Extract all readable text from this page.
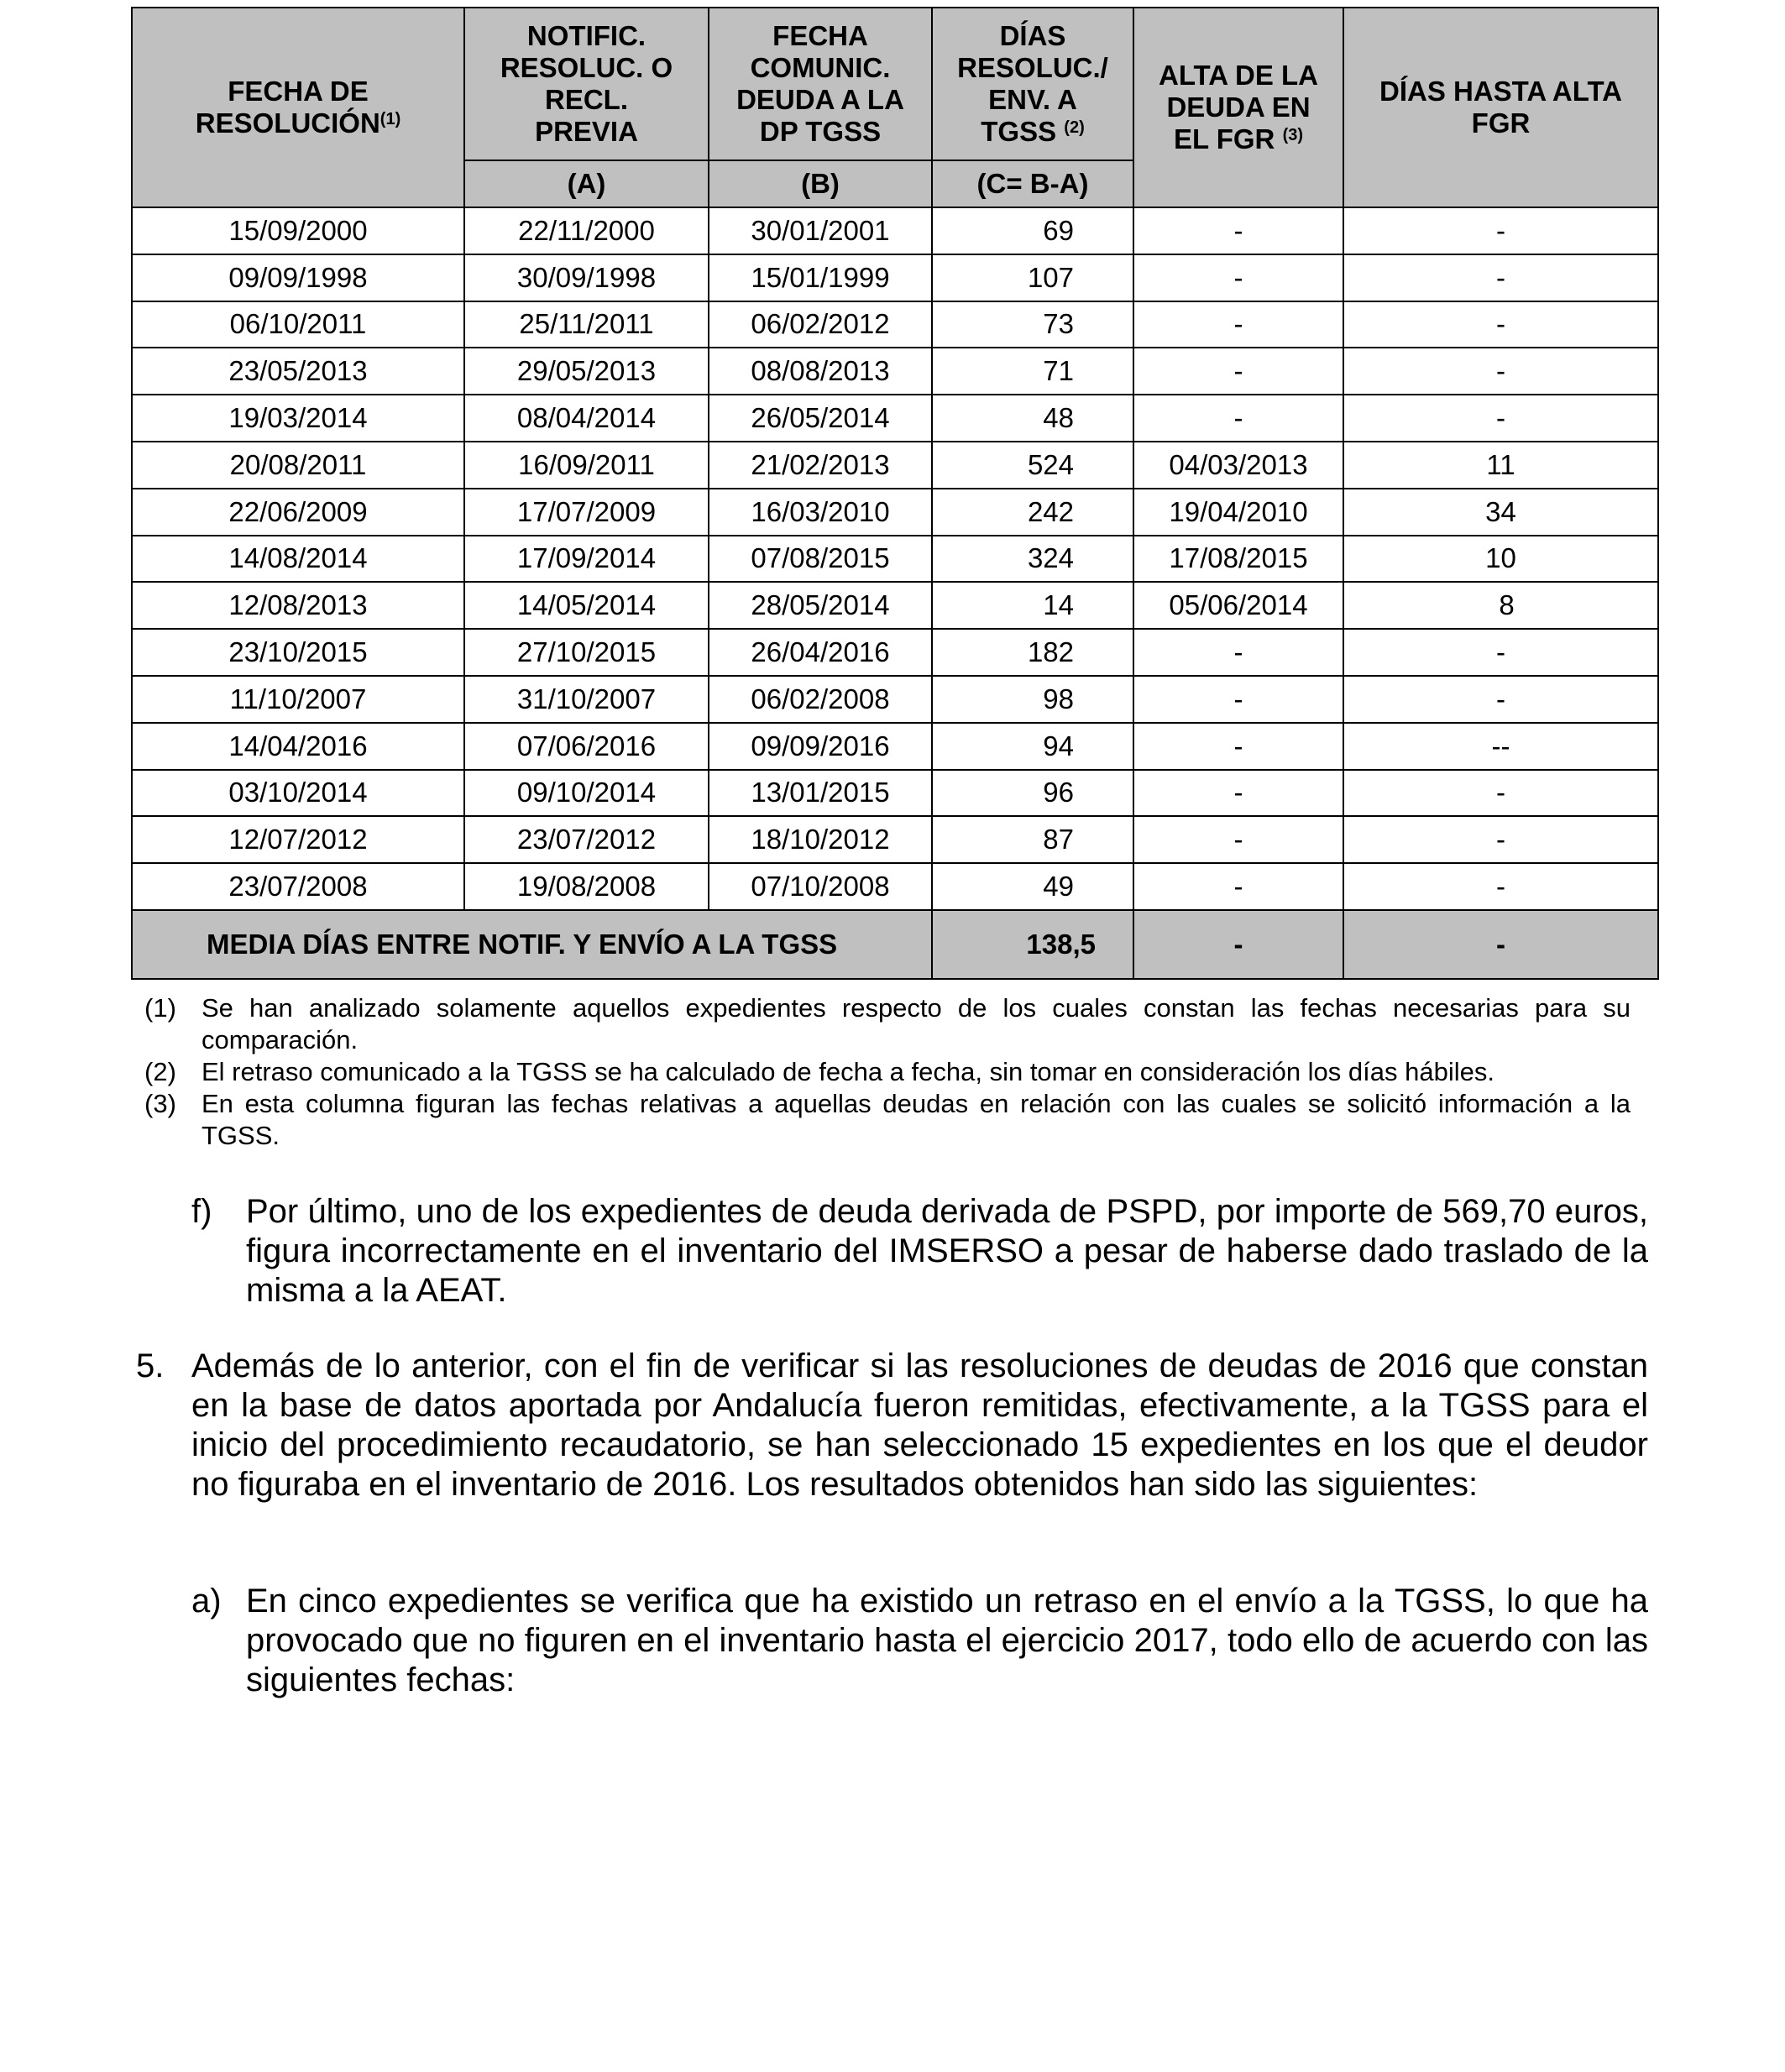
FECHA DE RESOLUCIÓN$^{(1)}$	NOTIFIC. RESOLUC. O RECL. PREVIA	FECHA COMUNIC. DEUDA A LA DP TGSS	DÍAS RESOLUC./ ENV. A TGSS $^{(2)}$	ALTA DE LA DEUDA EN EL FGR $^{(3)}$	DÍAS HASTA ALTA FGR
	(A)	(B)	(C= B-A)		
15/09/2000	22/11/2000	30/01/2001	69	-	-
09/09/1998	30/09/1998	15/01/1999	107	-	-
06/10/2011	25/11/2011	06/02/2012	73	-	-
23/05/2013	29/05/2013	08/08/2013	71	-	-
19/03/2014	08/04/2014	26/05/2014	48	-	-
20/08/2011	16/09/2011	21/02/2013	524	04/03/2013	11
22/06/2009	17/07/2009	16/03/2010	242	19/04/2010	34
14/08/2014	17/09/2014	07/08/2015	324	17/08/2015	10
12/08/2013	14/05/2014	28/05/2014	14	05/06/2014	8
23/10/2015	27/10/2015	26/04/2016	182	-	-
11/10/2007	31/10/2007	06/02/2008	98	-	-
14/04/2016	07/06/2016	09/09/2016	94	-	--
03/10/2014	09/10/2014	13/01/2015	96	-	-
12/07/2012	23/07/2012	18/10/2012	87	-	-
23/07/2008	19/08/2008	07/10/2008	49	-	-
MEDIA DÍAS ENTRE NOTIF. Y ENVÍO A LA TGSS			138,5	-	-
(1) Se han analizado solamente aquellos expedientes respecto de los cuales constan las fechas necesarias para su comparación.
(2) El retraso comunicado a la TGSS se ha calculado de fecha a fecha, sin tomar en consideración los días hábiles.
(3) En esta columna figuran las fechas relativas a aquellas deudas en relación con las cuales se solicitó información a la TGSS.
f)	Por último, uno de los expedientes de deuda derivada de PSPD, por importe de 569,70 euros, figura incorrectamente en el inventario del IMSERSO a pesar de haberse dado traslado de la misma a la AEAT.
5. Además de lo anterior, con el fin de verificar si las resoluciones de deudas de 2016 que constan en la base de datos aportada por Andalucía fueron remitidas, efectivamente, a la TGSS para el inicio del procedimiento recaudatorio, se han seleccionado 15 expedientes en los que el deudor no figuraba en el inventario de 2016. Los resultados obtenidos han sido las siguientes:
a) En cinco expedientes se verifica que ha existido un retraso en el envío a la TGSS, lo que ha provocado que no figuren en el inventario hasta el ejercicio 2017, todo ello de acuerdo con las siguientes fechas:
